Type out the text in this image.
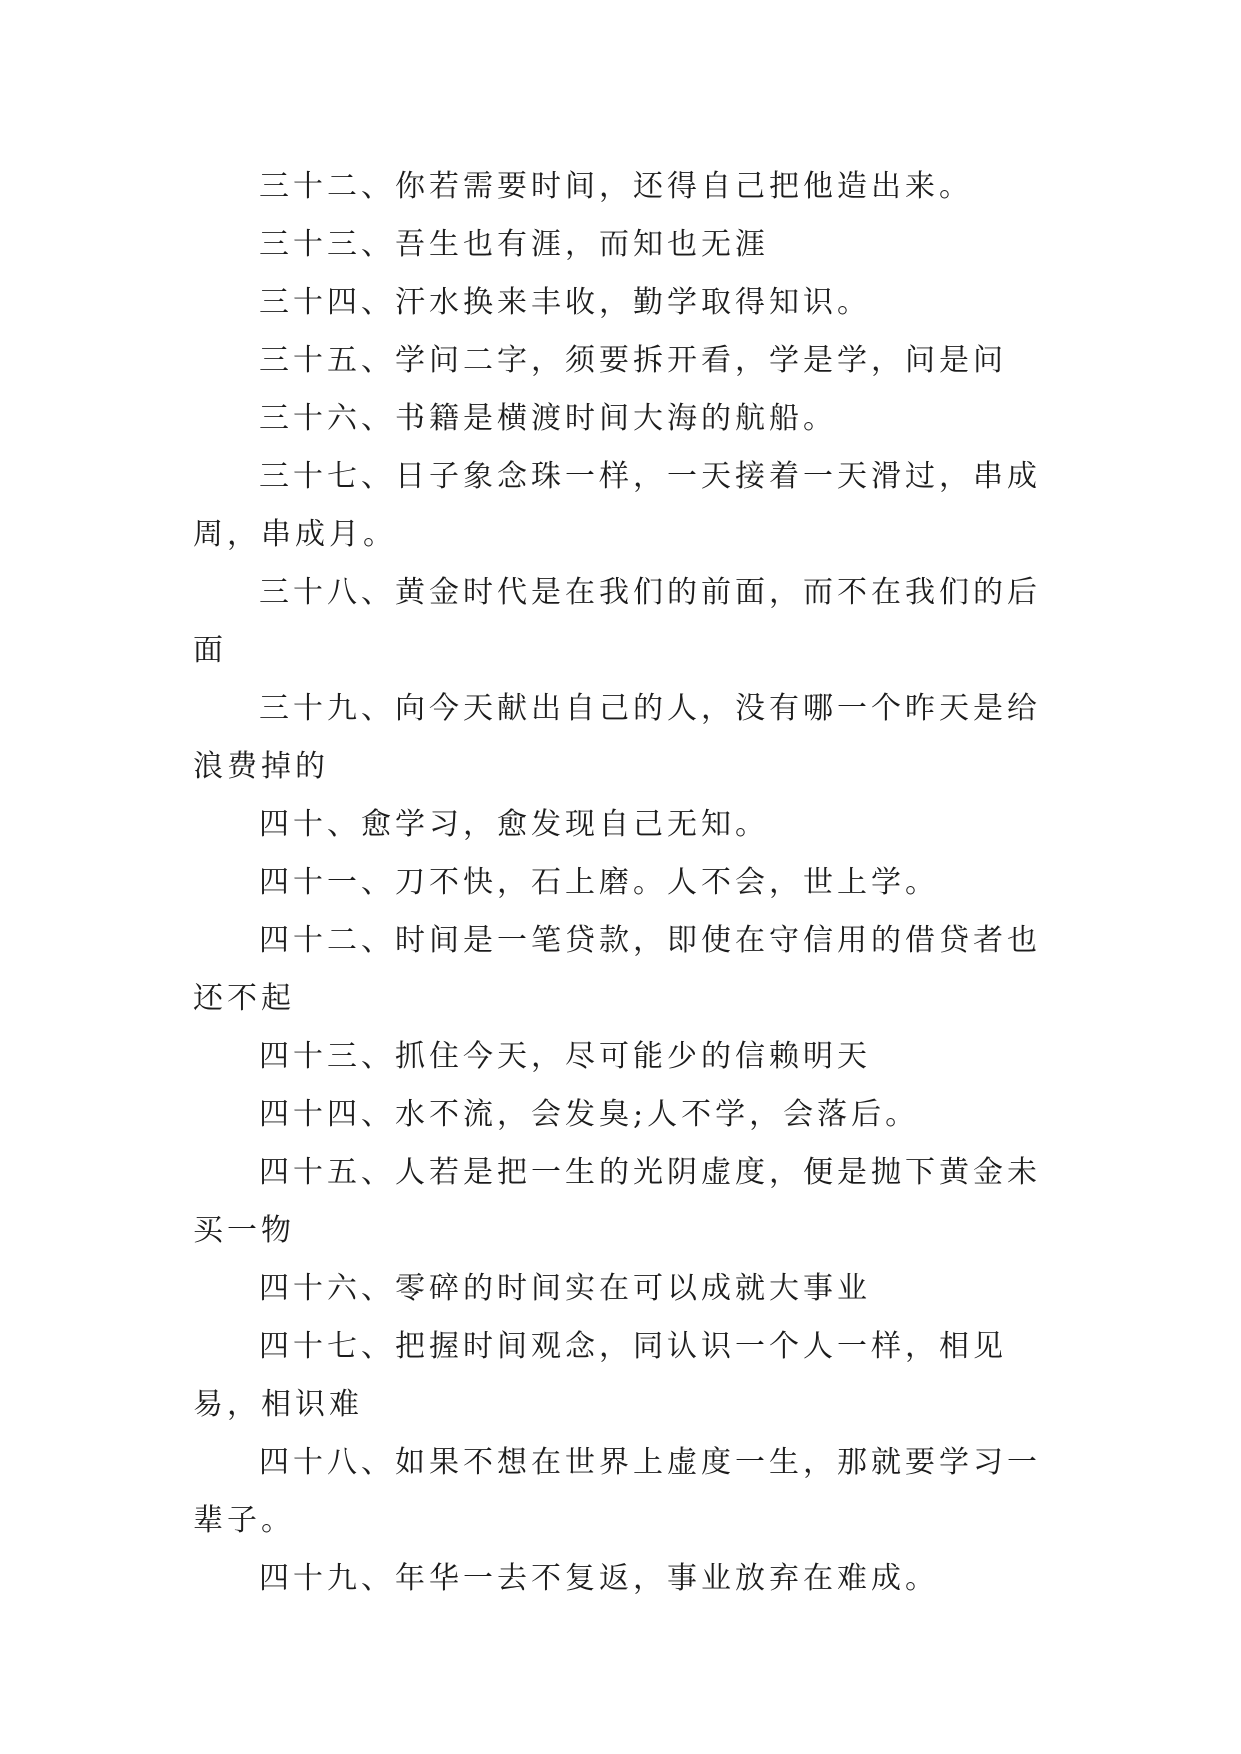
三十二、你若需要时间，还得自己把他造出来。

三十三、吾生也有涯，而知也无涯

三十四、汗水换来丰收，勤学取得知识。

三十五、学问二字，须要拆开看，学是学，问是问

三十六、书籍是横渡时间大海的航船。

三十七、日子象念珠一样，一天接着一天滑过，串成周，串成月。

三十八、黄金时代是在我们的前面，而不在我们的后面

三十九、向今天献出自己的人，没有哪一个昨天是给浪费掉的

四十、愈学习，愈发现自己无知。

四十一、刀不快，石上磨。人不会，世上学。

四十二、时间是一笔贷款，即使在守信用的借贷者也还不起

四十三、抓住今天，尽可能少的信赖明天

四十四、水不流，会发臭;人不学，会落后。

四十五、人若是把一生的光阴虚度，便是抛下黄金未买一物

四十六、零碎的时间实在可以成就大事业

四十七、把握时间观念，同认识一个人一样，相见易，相识难

四十八、如果不想在世界上虚度一生，那就要学习一辈子。

四十九、年华一去不复返，事业放弃在难成。
